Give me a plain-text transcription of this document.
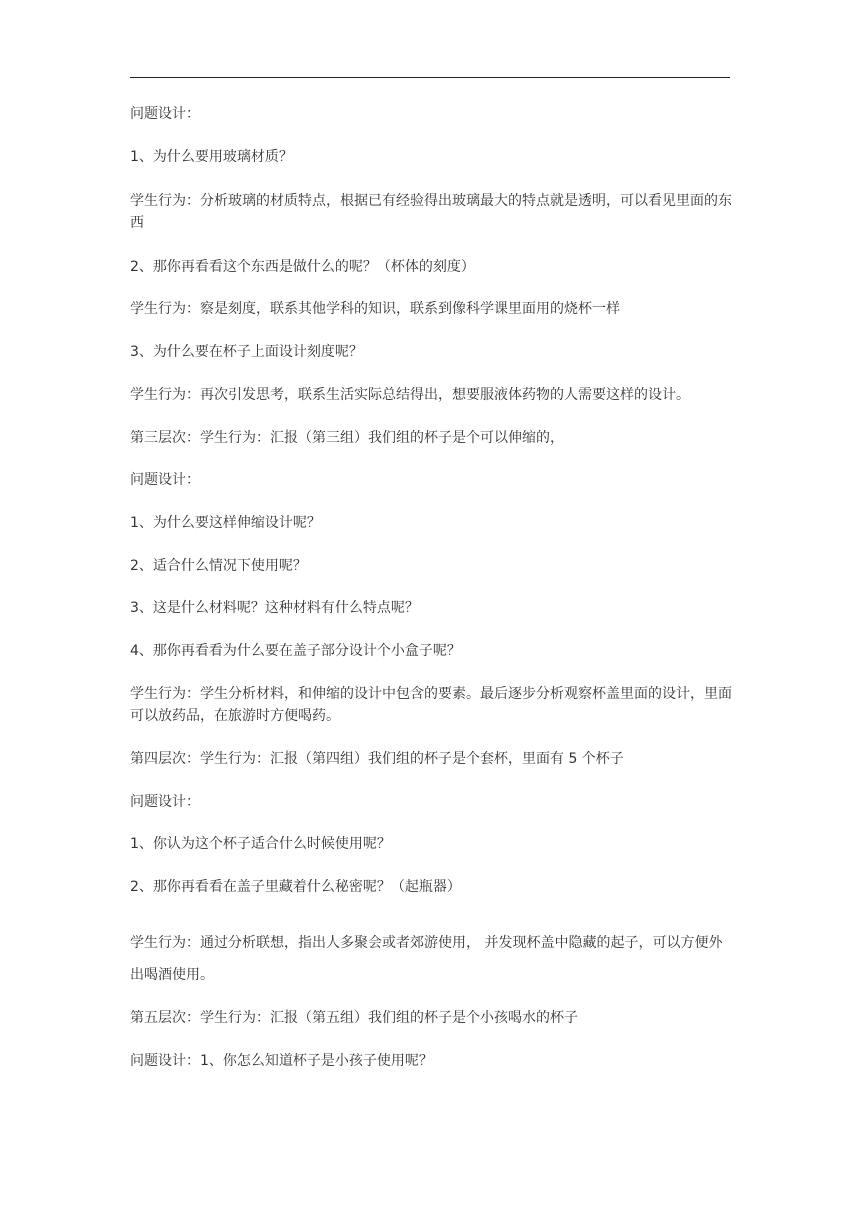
问题设计：

1、为什么要用玻璃材质？

学生行为：分析玻璃的材质特点，根据已有经验得出玻璃最大的特点就是透明，可以看见里面的东西

2、那你再看看这个东西是做什么的呢？（杯体的刻度）

学生行为：察是刻度，联系其他学科的知识，联系到像科学课里面用的烧杯一样

3、为什么要在杯子上面设计刻度呢？

学生行为：再次引发思考，联系生活实际总结得出，想要服液体药物的人需要这样的设计。

第三层次：学生行为：汇报（第三组）我们组的杯子是个可以伸缩的，

问题设计：

1、为什么要这样伸缩设计呢？

2、适合什么情况下使用呢？

3、这是什么材料呢？这种材料有什么特点呢？

4、那你再看看为什么要在盖子部分设计个小盒子呢？

学生行为：学生分析材料，和伸缩的设计中包含的要素。最后逐步分析观察杯盖里面的设计，里面可以放药品，在旅游时方便喝药。

第四层次：学生行为：汇报（第四组）我们组的杯子是个套杯，里面有 5 个杯子

问题设计：

1、你认为这个杯子适合什么时候使用呢？

2、那你再看看在盖子里藏着什么秘密呢？（起瓶器）

学生行为：通过分析联想，指出人多聚会或者郊游使用， 并发现杯盖中隐藏的起子，可以方便外出喝酒使用。

第五层次：学生行为：汇报（第五组）我们组的杯子是个小孩喝水的杯子

问题设计：1、你怎么知道杯子是小孩子使用呢？
